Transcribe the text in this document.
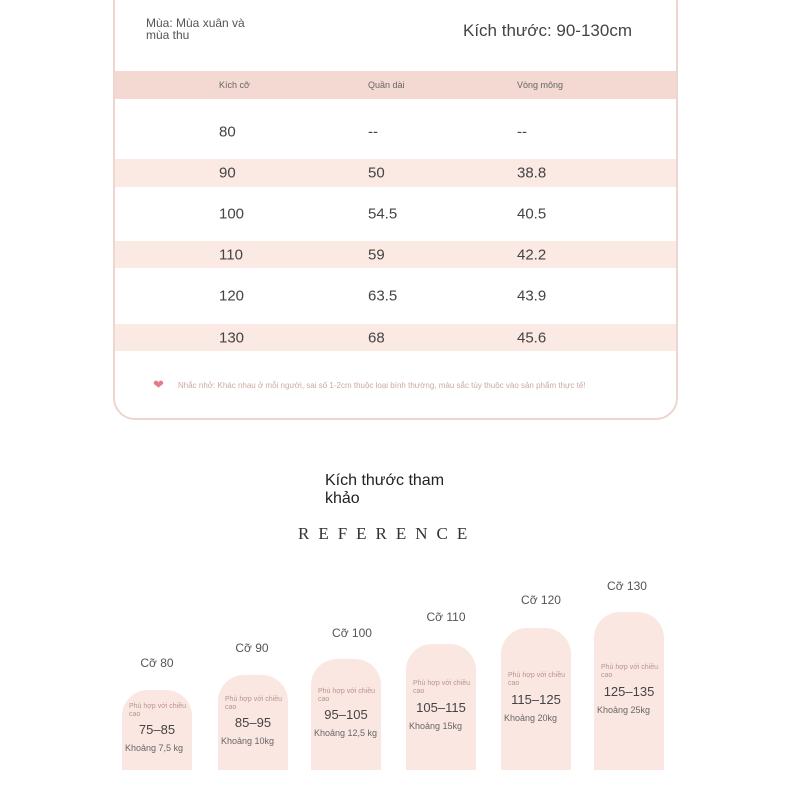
Mùa: Mùa xuân và mùa thu	Kích thước: 90-130cm
Kích cỡ	Quần dài	Vòng mông
80	--	--
90	50	38.8
100	54.5	40.5
110	59	42.2
120	63.5	43.9
130	68	45.6
❤ Nhắc nhở: Khác nhau ở mỗi người, sai số 1-2cm thuộc loại bình thường, màu sắc tùy thuộc vào sản phẩm thực tế!
Kích thước tham khảo
REFERENCE
Cỡ 80
Phù hợp với chiều cao
75–85
Khoảng 7,5 kg
Cỡ 90
Phù hợp với chiều cao
85–95
Khoảng 10kg
Cỡ 100
Phù hợp với chiều cao
95–105
Khoảng 12,5 kg
Cỡ 110
Phù hợp với chiều cao
105–115
Khoảng 15kg
Cỡ 120
Phù hợp với chiều cao
115–125
Khoảng 20kg
Cỡ 130
Phù hợp với chiều cao
125–135
Khoảng 25kg
